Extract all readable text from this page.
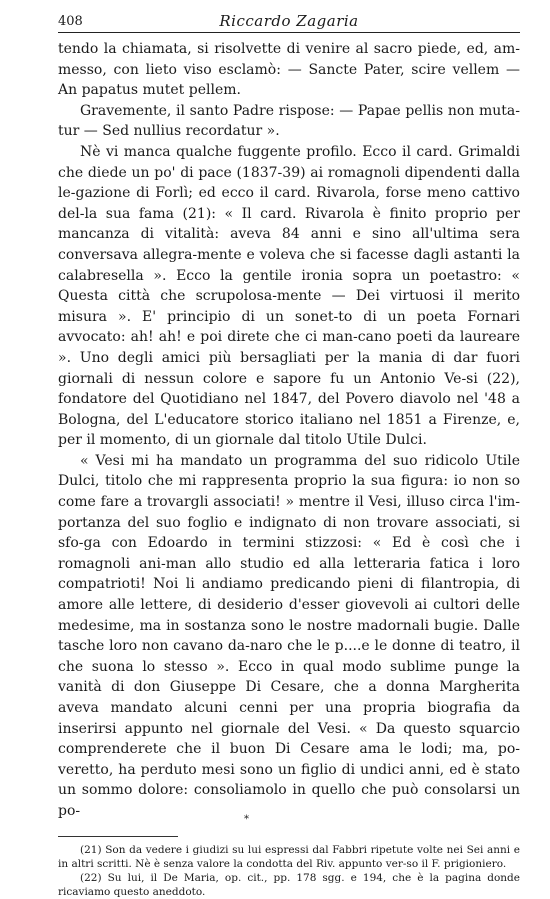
408	Riccardo Zagaria

tendo la chiamata, si risolvette di venire al sacro piede, ed, am-messo, con lieto viso esclamò: — Sancte Pater, scire vellem — An papatus mutet pellem.

Gravemente, il santo Padre rispose: — Papae pellis non muta-tur — Sed nullius recordatur ».

Nè vi manca qualche fuggente profilo. Ecco il card. Grimaldi che diede un po' di pace (1837-39) ai romagnoli dipendenti dalla le-gazione di Forlì; ed ecco il card. Rivarola, forse meno cattivo del-la sua fama (21): « Il card. Rivarola è finito proprio per mancanza di vitalità: aveva 84 anni e sino all'ultima sera conversava allegra-mente e voleva che si facesse dagli astanti la calabresella ». Ecco la gentile ironia sopra un poetastro: « Questa città che scrupolosa-mente — Dei virtuosi il merito misura ». E' principio di un sonet-to di un poeta Fornari avvocato: ah! ah! e poi direte che ci man-cano poeti da laureare ». Uno degli amici più bersagliati per la mania di dar fuori giornali di nessun colore e sapore fu un Antonio Ve-si (22), fondatore del Quotidiano nel 1847, del Povero diavolo nel '48 a Bologna, del L'educatore storico italiano nel 1851 a Firenze, e, per il momento, di un giornale dal titolo Utile Dulci.

« Vesi mi ha mandato un programma del suo ridicolo Utile Dulci, titolo che mi rappresenta proprio la sua figura: io non so come fare a trovargli associati! » mentre il Vesi, illuso circa l'im-portanza del suo foglio e indignato di non trovare associati, si sfo-ga con Edoardo in termini stizzosi: « Ed è così che i romagnoli ani-man allo studio ed alla letteraria fatica i loro compatrioti! Noi li andiamo predicando pieni di filantropia, di amore alle lettere, di desiderio d'esser giovevoli ai cultori delle medesime, ma in sostanza sono le nostre madornali bugie. Dalle tasche loro non cavano da-naro che le p....e le donne di teatro, il che suona lo stesso ». Ecco in qual modo sublime punge la vanità di don Giuseppe Di Cesare, che a donna Margherita aveva mandato alcuni cenni per una propria biografia da inserirsi appunto nel giornale del Vesi. « Da questo squarcio comprenderete che il buon Di Cesare ama le lodi; ma, po-veretto, ha perduto mesi sono un figlio di undici anni, ed è stato un sommo dolore: consoliamolo in quello che può consolarsi un po-

(21) Son da vedere i giudizi su lui espressi dal Fabbri ripetute volte nei Sei anni e in altri scritti. Nè è senza valore la condotta del Riv. appunto ver-so il F. prigioniero.

(22) Su lui, il De Maria, op. cit., pp. 178 sgg. e 194, che è la pagina donde ricaviamo questo aneddoto.

*
